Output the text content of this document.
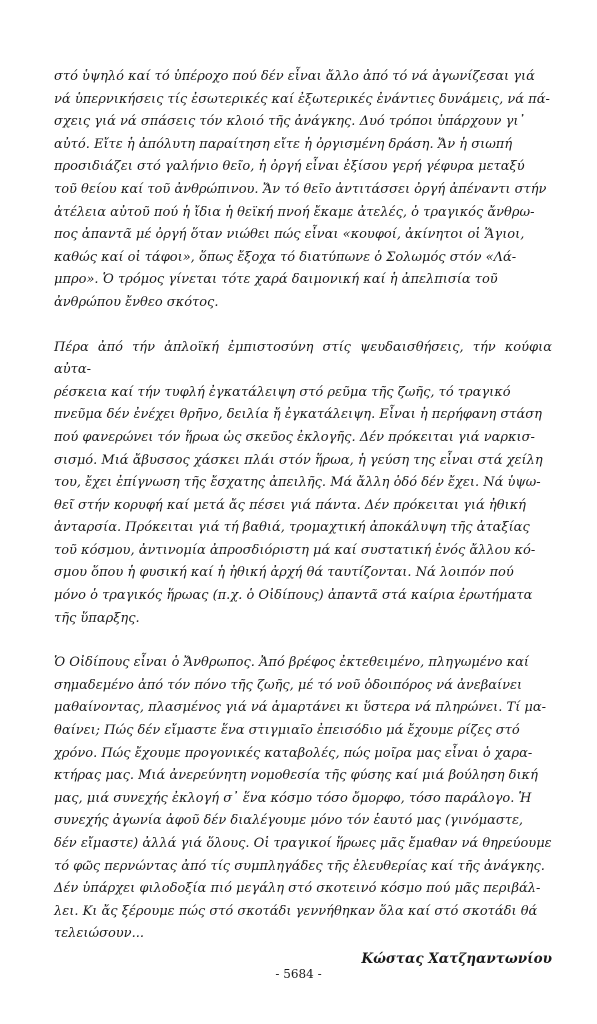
στό ὑψηλό καί τό ὑπέροχο πού δέν εἶναι ἄλλο ἀπό τό νά ἀγωνίζεσαι γιά
νά ὑπερνικήσεις τίς ἐσωτερικές καί ἐξωτερικές ἐνάντιες δυνάμεις, νά πά-
σχεις γιά νά σπάσεις τόν κλοιό τῆς ἀνάγκης. Δυό τρόποι ὑπάρχουν γι᾽
αὐτό. Εἴτε ἡ ἀπόλυτη παραίτηση εἴτε ἡ ὀργισμένη δράση. Ἄν ἡ σιωπή
προσιδιάζει στό γαλήνιο θεῖο, ἡ ὀργή εἶναι ἐξίσου γερή γέφυρα μεταξύ
τοῦ θείου καί τοῦ ἀνθρώπινου. Ἄν τό θεῖο ἀντιτάσσει ὀργή ἀπέναντι στήν
ἀτέλεια αὐτοῦ πού ἡ ἴδια ἡ θεϊκή πνοή ἔκαμε ἀτελές, ὁ τραγικός ἄνθρω-
πος ἀπαντᾶ μέ ὀργή ὅταν νιώθει πώς εἶναι «κουφοί, ἀκίνητοι οἱ Ἅγιοι,
καθώς καί οἱ τάφοι», ὅπως ἔξοχα τό διατύπωνε ὁ Σολωμός στόν «Λά-
μπρο». Ὁ τρόμος γίνεται τότε χαρά δαιμονική καί ἡ ἀπελπισία τοῦ
ἀνθρώπου ἔνθεο σκότος.

Πέρα ἀπό τήν ἀπλοϊκή ἐμπιστοσύνη στίς ψευδαισθήσεις, τήν κούφια αὐτα-
ρέσκεια καί τήν τυφλή ἐγκατάλειψη στό ρεῦμα τῆς ζωῆς, τό τραγικό
πνεῦμα δέν ἐνέχει θρῆνο, δειλία ἤ ἐγκατάλειψη. Εἶναι ἡ περήφανη στάση
πού φανερώνει τόν ἥρωα ὡς σκεῦος ἐκλογῆς. Δέν πρόκειται γιά ναρκισ-
σισμό. Μιά ἄβυσσος χάσκει πλάι στόν ἥρωα, ἡ γεύση της εἶναι στά χείλη
του, ἔχει ἐπίγνωση τῆς ἔσχατης ἀπειλῆς. Μά ἄλλη ὁδό δέν ἔχει. Νά ὑψω-
θεῖ στήν κορυφή καί μετά ἄς πέσει γιά πάντα. Δέν πρόκειται γιά ἠθική
ἀνταρσία. Πρόκειται γιά τή βαθιά, τρομαχτική ἀποκάλυψη τῆς ἀταξίας
τοῦ κόσμου, ἀντινομία ἀπροσδιόριστη μά καί συστατική ἑνός ἄλλου κό-
σμου ὅπου ἡ φυσική καί ἡ ἠθική ἀρχή θά ταυτίζονται. Νά λοιπόν πού
μόνο ὁ τραγικός ἥρωας (π.χ. ὁ Οἰδίπους) ἀπαντᾶ στά καίρια ἐρωτήματα
τῆς ὕπαρξης.

Ὁ Οἰδίπους εἶναι ὁ Ἄνθρωπος. Ἀπό βρέφος ἐκτεθειμένο, πληγωμένο καί
σημαδεμένο ἀπό τόν πόνο τῆς ζωῆς, μέ τό νοῦ ὁδοιπόρος νά ἀνεβαίνει
μαθαίνοντας, πλασμένος γιά νά ἁμαρτάνει κι ὕστερα νά πληρώνει. Τί μα-
θαίνει; Πώς δέν εἴμαστε ἕνα στιγμιαῖο ἐπεισόδιο μά ἔχουμε ρίζες στό
χρόνο. Πώς ἔχουμε προγονικές καταβολές, πώς μοῖρα μας εἶναι ὁ χαρα-
κτήρας μας. Μιά ἀνερεύνητη νομοθεσία τῆς φύσης καί μιά βούληση δική
μας, μιά συνεχής ἐκλογή σ᾽ ἕνα κόσμο τόσο ὄμορφο, τόσο παράλογο. Ἡ
συνεχής ἀγωνία ἀφοῦ δέν διαλέγουμε μόνο τόν ἑαυτό μας (γινόμαστε,
δέν εἴμαστε) ἀλλά γιά ὅλους. Οἱ τραγικοί ἥρωες μᾶς ἔμαθαν νά θηρεύουμε
τό φῶς περνώντας ἀπό τίς συμπληγάδες τῆς ἐλευθερίας καί τῆς ἀνάγκης.
Δέν ὑπάρχει φιλοδοξία πιό μεγάλη στό σκοτεινό κόσμο πού μᾶς περιβάλ-
λει. Κι ἄς ξέρουμε πώς στό σκοτάδι γεννήθηκαν ὅλα καί στό σκοτάδι θά
τελειώσουν...

Κώστας Χατζηαντωνίου

- 5684 -
